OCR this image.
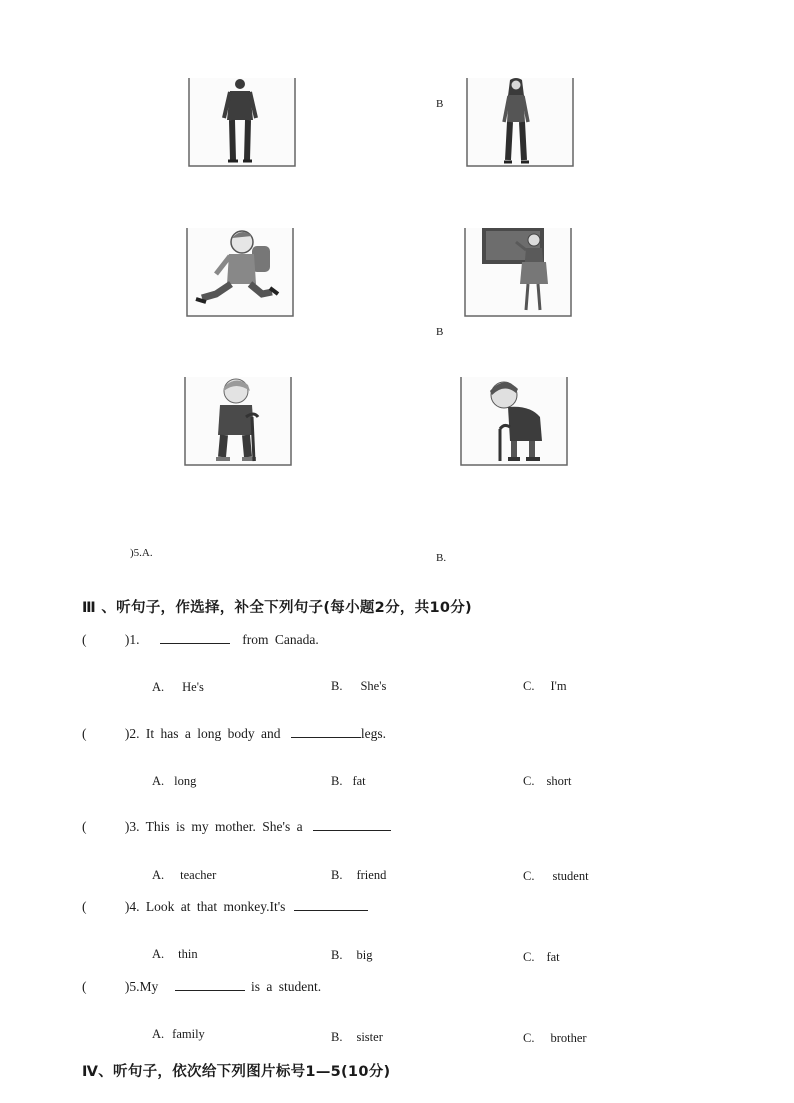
B
B
)5.A.	B.
Ⅲ 、听句子，作选择，补全下列句子(每小题2分，共10分)
(	)1.	from Canada.
A. He's	B. She's	C. I'm
(	)2. It has a long body and	legs.
A. long	B. fat	C. short
(	)3. This is my mother. She's a
A. teacher	B. friend	C. student
(	)4. Look at that monkey.It's
A. thin	B. big	C. fat
(	)5.My	is a student.
A. family	B. sister	C. brother
Ⅳ、听句子，依次给下列图片标号1—5(10分)
